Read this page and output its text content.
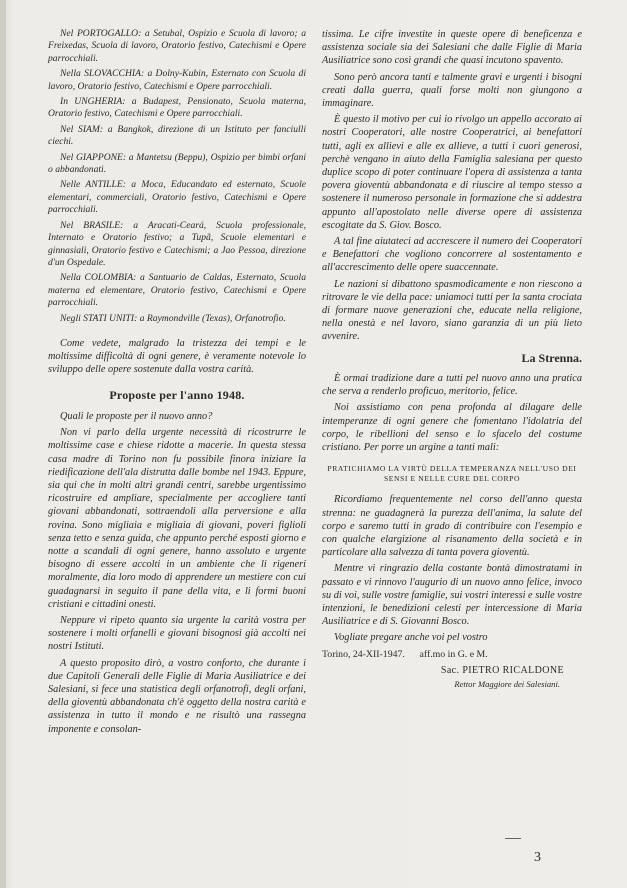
Nel PORTOGALLO: a Setubal, Ospizio e Scuola di lavoro; a Freixedas, Scuola di lavoro, Oratorio festivo, Catechismi e Opere parrocchiali.

Nella SLOVACCHIA: a Dolny-Kubin, Esternato con Scuola di lavoro, Oratorio festivo, Catechismi e Opere parrocchiali.

In UNGHERIA: a Budapest, Pensionato, Scuola materna, Oratorio festivo, Catechismi e Opere parrocchiali.

Nel SIAM: a Bangkok, direzione di un Istituto per fanciulli ciechi.

Nel GIAPPONE: a Mantetsu (Beppu), Ospizio per bimbi orfani o abbandonati.

Nelle ANTILLE: a Moca, Educandato ed esternato, Scuole elementari, commerciali, Oratorio festivo, Catechismi e Opere parrocchiali.

Nel BRASILE: a Aracati-Ceará, Scuola professionale, Internato e Oratorio festivo; a Tupã, Scuole elementari e ginnasiali, Oratorio festivo e Catechismi; a Jao Pessoa, direzione d'un Ospedale.

Nella COLOMBIA: a Santuario de Caldas, Esternato, Scuola materna ed elementare, Oratorio festivo, Catechismi e Opere parrocchiali.

Negli STATI UNITI: a Raymondville (Texas), Orfanotrofio.

Come vedete, malgrado la tristezza dei tempi e le moltissime difficoltà di ogni genere, è veramente notevole lo sviluppo delle opere sostenute dalla vostra carità.

Proposte per l'anno 1948.

Quali le proposte per il nuovo anno?

Non vi parlo della urgente necessità di ricostrurre le moltissime case e chiese ridotte a macerie. In questa stessa casa madre di Torino non fu possibile finora iniziare la riedificazione dell'ala distrutta dalle bombe nel 1943. Eppure, sia qui che in molti altri grandi centri, sarebbe urgentissimo ricostruire ed ampliare, specialmente per accogliere tanti giovani abbandonati, sottraendoli alla perversione e alla rovina. Sono migliaia e migliaia di giovani, poveri figlioli senza tetto e senza guida, che appunto perché esposti giorno e notte a scandali di ogni genere, hanno assoluto e urgente bisogno di essere accolti in un ambiente che li rigeneri moralmente, dia loro modo di apprendere un mestiere con cui guadagnarsi in seguito il pane della vita, e li formi buoni cristiani e cittadini onesti.

Neppure vi ripeto quanto sia urgente la carità vostra per sostenere i molti orfanelli e giovani bisognosi già accolti nei nostri Istituti.

A questo proposito dirò, a vostro conforto, che durante i due Capitoli Generali delle Figlie di Maria Ausiliatrice e dei Salesiani, si fece una statistica degli orfanotrofi, degli orfani, della gioventù abbandonata ch'è oggetto della nostra carità e assistenza in tutto il mondo e ne risultò una rassegna imponente e consolan-

tissima. Le cifre investite in queste opere di beneficenza e assistenza sociale sia dei Salesiani che dalle Figlie di Maria Ausiliatrice sono così grandi che quasi incutono spavento.

Sono però ancora tanti e talmente gravi e urgenti i bisogni creati dalla guerra, quali forse molti non giungono a immaginare.

È questo il motivo per cui io rivolgo un appello accorato ai nostri Cooperatori, alle nostre Cooperatrici, ai benefattori tutti, agli ex allievi e alle ex allieve, a tutti i cuori generosi, perchè vengano in aiuto della Famiglia salesiana per questo duplice scopo di poter continuare l'opera di assistenza a tanta povera gioventù abbandonata e di riuscire al tempo stesso a sostenere il numeroso personale in formazione che si addestra appunto all'apostolato nelle diverse opere di assistenza escogitate da S. Giov. Bosco.

A tal fine aiutateci ad accrescere il numero dei Cooperatori e Benefattori che vogliono concorrere al sostentamento e all'accrescimento delle opere suaccennate.

Le nazioni si dibattono spasmodicamente e non riescono a ritrovare le vie della pace: uniamoci tutti per la santa crociata di formare nuove generazioni che, educate nella religione, nella onestà e nel lavoro, siano garanzia di un più lieto avvenire.

La Strenna.

È ormai tradizione dare a tutti pel nuovo anno una pratica che serva a renderlo proficuo, meritorio, felice.

Noi assistiamo con pena profonda al dilagare delle intemperanze di ogni genere che fomentano l'idolatria del corpo, le ribellioni del senso e lo sfacelo del costume cristiano. Per porre un argine a tanti mali:

PRATICHIAMO LA VIRTÙ DELLA TEMPERANZA NELL'USO DEI SENSI E NELLE CURE DEL CORPO

Ricordiamo frequentemente nel corso dell'anno questa strenna: ne guadagnerà la purezza dell'anima, la salute del corpo e saremo tutti in grado di contribuire con l'esempio e con qualche elargizione al risanamento della società e in particolare alla salvezza di tanta povera gioventù.

Mentre vi ringrazio della costante bontà dimostratami in passato e vi rinnovo l'augurio di un nuovo anno felice, invoco su di voi, sulle vostre famiglie, sui vostri interessi e sulle vostre intenzioni, le benedizioni celesti per intercessione di Maria Ausiliatrice e di S. Giovanni Bosco.

Vogliate pregare anche voi pel vostro

Torino, 24-XII-1947.      aff.mo in G. e M.
Sac. PIETRO RICALDONE
Rettor Maggiore dei Salesiani.
3
